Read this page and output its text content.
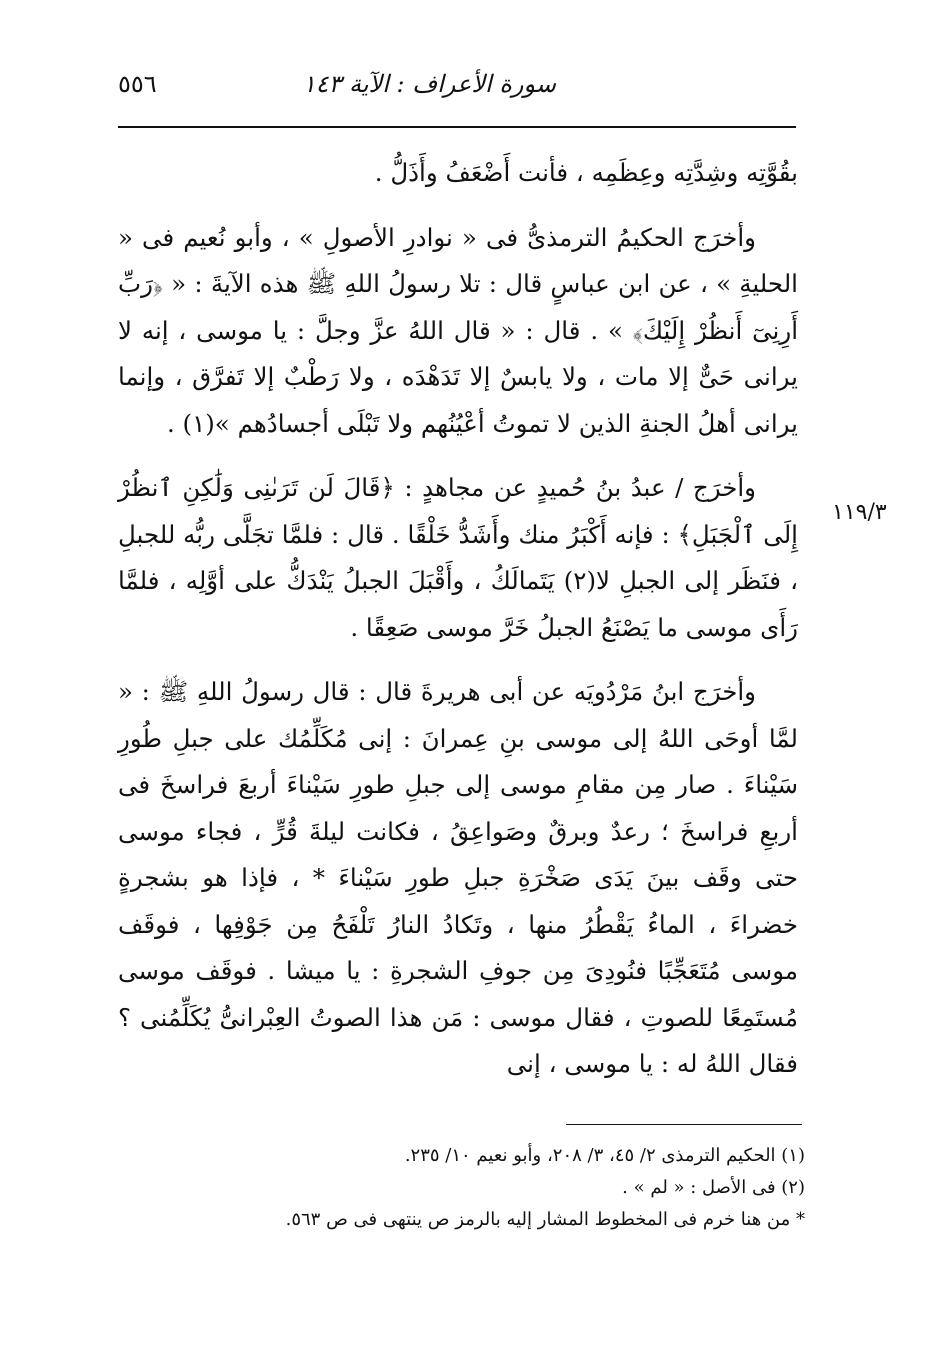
٥٥٦	سورة الأعراف : الآية ١٤٣
١١٩/٣

بقُوَّتِه وشِدَّتِه وعِظَمِه ، فأنت أَضْعَفُ وأَذَلُّ .

وأخرَج الحكيمُ الترمذىُّ فى « نوادرِ الأصولِ » ، وأبو نُعيم فى « الحليةِ » ، عن ابن عباسٍ قال : تلا رسولُ اللهِ ﷺ هذه الآيةَ : « ﴿رَبِّ أَرِنِىٓ أَنظُرْ إِلَيْكَ﴾ » . قال : « قال اللهُ عزَّ وجلَّ : يا موسى ، إنه لا يرانى حَىٌّ إلا مات ، ولا يابسٌ إلا تَدَهْدَه ، ولا رَطْبٌ إلا تَفرَّق ، وإنما يرانى أهلُ الجنةِ الذين لا تموتُ أعْيُنُهم ولا تَبْلَى أجسادُهم »(١) .

وأخرَج / عبدُ بنُ حُميدٍ عن مجاهدٍ : ﴿قَالَ لَن تَرَىٰنِى وَلَٰكِنِ ٱنظُرْ إِلَى ٱلْجَبَلِ﴾ : فإنه أَكْبَرُ منك وأَشَدُّ خَلْقًا . قال : فلمَّا تجَلَّى ربُّه للجبلِ ، فنَظَر إلى الجبلِ لا(٢) يَتَمالَكُ ، وأَقْبَلَ الجبلُ يَنْدَكُّ على أوَّلِه ، فلمَّا رَأَى موسى ما يَصْنَعُ الجبلُ خَرَّ موسى صَعِقًا .

وأخرَج ابنُ مَرْدُويَه عن أبى هريرةَ قال : قال رسولُ اللهِ ﷺ : « لمَّا أوحَى اللهُ إلى موسى بنِ عِمرانَ : إنى مُكَلِّمُك على جبلِ طُورِ سَيْناءَ . صار مِن مقامِ موسى إلى جبلِ طورِ سَيْناءَ أربعَ فراسخَ فى أربعِ فراسخَ ؛ رعدٌ وبرقٌ وصَواعِقُ ، فكانت ليلةَ قُرٍّ ، فجاء موسى حتى وقَف بينَ يَدَى صَخْرَةِ جبلِ طورِ سَيْناءَ * ، فإذا هو بشجرةٍ خضراءَ ، الماءُ يَقْطُرُ منها ، وتَكادُ النارُ تَلْفَحُ مِن جَوْفِها ، فوقَف موسى مُتَعَجِّبًا فنُودِىَ مِن جوفِ الشجرةِ : يا ميشا . فوقَف موسى مُستَمِعًا للصوتِ ، فقال موسى : مَن هذا الصوتُ العِبْرانىُّ يُكَلِّمُنى ؟ فقال اللهُ له : يا موسى ، إنى

(١) الحكيم الترمذى ٢/ ٤٥، ٣/ ٢٠٨، وأبو نعيم ١٠/ ٢٣٥.

(٢) فى الأصل : « لم » .

* من هنا خرم فى المخطوط المشار إليه بالرمز ص ينتهى فى ص ٥٦٣.
